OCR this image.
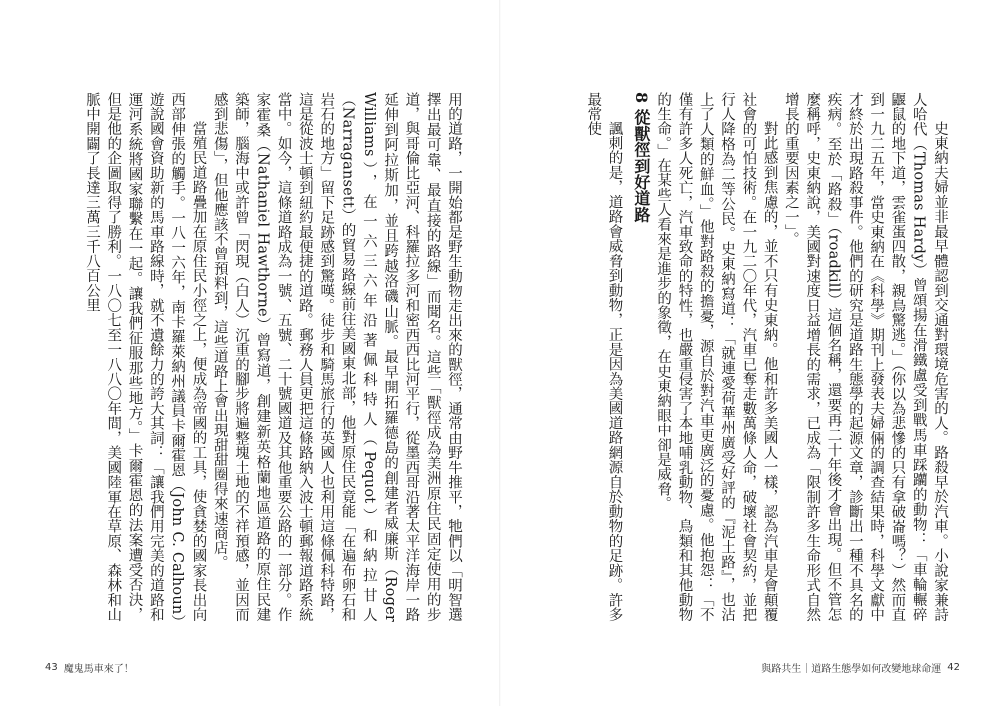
用的道路，一開始都是野生動物走出來的獸徑，通常由野牛推平，牠們以「明智選擇出最可靠、最直接的路線」而聞名。這些「獸徑成為美洲原住民固定使用的步道，與哥倫比亞河、科羅拉多河和密西西比河平行，從墨西哥沿著太平洋海岸一路延伸到阿拉斯加，並且跨越洛磯山脈。最早開拓羅德島的創建者威廉斯（Roger Williams），在一六三六年沿著佩科特人（Pequot）和納拉甘人（Narragansett）的貿易路線前往美國東北部，他對原住民竟能「在遍布卵石和岩石的地方」留下足跡感到驚嘆。徒步和騎馬旅行的英國人也利用這條佩科特路，這是從波士頓到紐約最便捷的道路。郵務人員更把這條路納入波士頓郵報道路系統當中。如今，這條道路成為一號、五號、二十號國道及其他重要公路的一部分。作家霍桑（Nathaniel Hawthorne）曾寫道，創建新英格蘭地區道路的原住民建築師，腦海中或許曾「閃現（白人）沉重的腳步將遍整塊土地的不祥預感，並因而感到悲傷」，但他應該不曾預料到，這些道路上會出現甜甜圈得來速商店。

當殖民道路疊加在原住民小徑之上，便成為帝國的工具，使貪婪的國家長出向西部伸張的觸手。一八一六年，南卡羅萊納州議員卡爾霍恩（John C. Calhoun）遊說國會資助新的馬車路線時，就不遺餘力的誇大其詞：「讓我們用完美的道路和運河系統將國家聯繫在一起。讓我們征服那些地方。」卡爾霍恩的法案遭受否決，但是他的企圖取得了勝利。一八〇七至一八八〇年間，美國陸軍在草原、森林和山脈中開闢了長達三萬三千八百公里

43 魔鬼馬車來了！

史東納夫婦並非最早體認到交通對環境危害的人。路殺早於汽車。小說家兼詩人哈代（Thomas Hardy）曾頌揚在滑鐵盧受到戰馬車踩躪的動物：「車輪輾碎鼴鼠的地下道，雲雀蛋四散，親鳥驚逃。」（你以為悲慘的只有拿破崙嗎？）然而直到一九二五年，當史東納在《科學》期刊上發表夫婦倆的調查結果時，科學文獻中才終於出現路殺事件。他們的研究是道路生態學的起源文章，診斷出一種不具名的疾病。至於「路殺」（roadkill）這個名稱，還要再二十年後才會出現。但不管怎麼稱呼，史東納說，美國對速度日益增長的需求，已成為「限制許多生命形式自然增長的重要因素之一」。

對此感到焦慮的，並不只有史東納。他和許多美國人一樣，認為汽車是會顛覆社會的可怕技術。在一九二〇年代，汽車已奪走數萬條人命，破壞社會契約，並把行人降格為二等公民。史東納寫道：「就連愛荷華州廣受好評的『泥土路』，也沾上了人類的鮮血。」他對路殺的擔憂，源自於對汽車更廣泛的憂慮。他抱怨：「不僅有許多人死亡，汽車致命的特性，也嚴重侵害了本地哺乳動物、鳥類和其他動物的生命。」在某些人看來是進步的象徵，在史東納眼中卻是威脅。

8 從獸徑到好道路

諷刺的是，道路會威脅到動物，正是因為美國道路網源自於動物的足跡。許多最常使

與路共生｜道路生態學如何改變地球命運 42
